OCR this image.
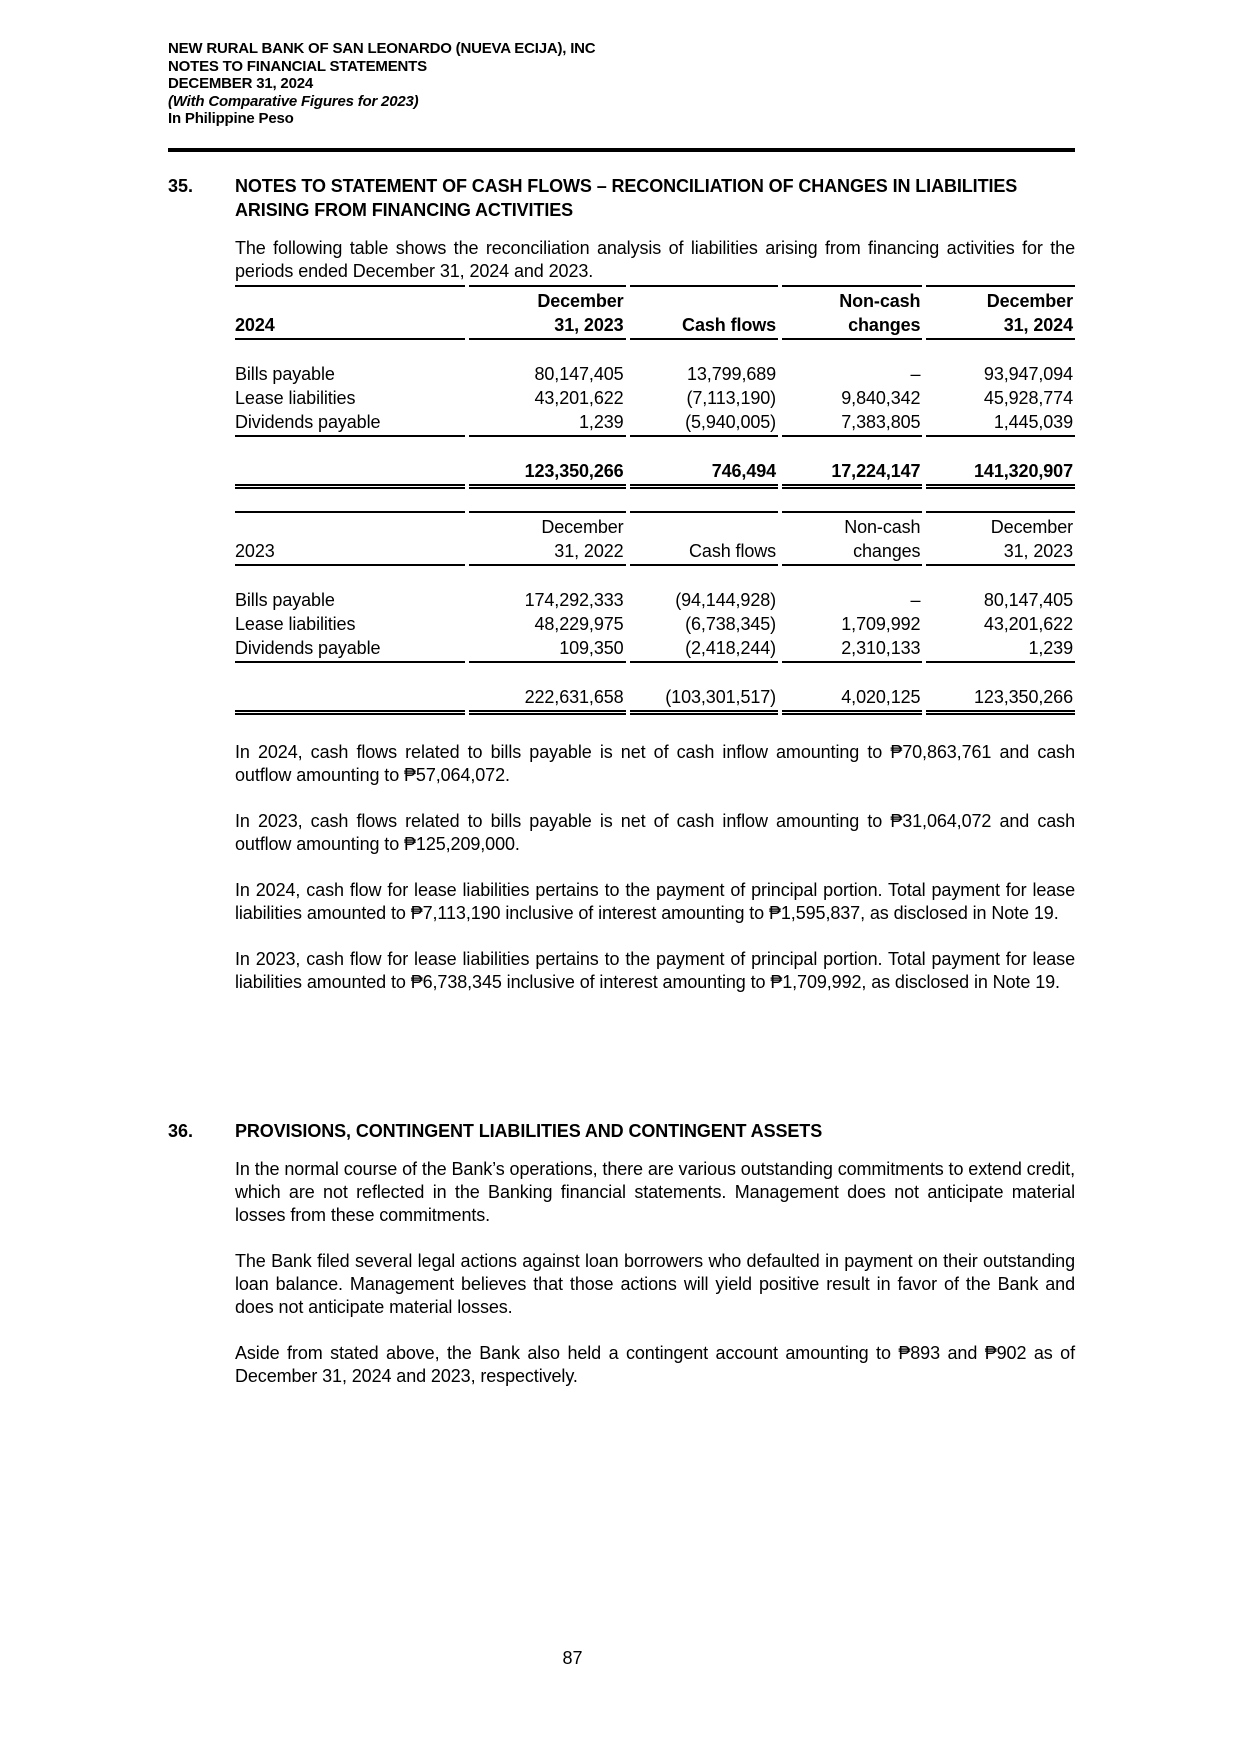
NEW RURAL BANK OF SAN LEONARDO (NUEVA ECIJA), INC
NOTES TO FINANCIAL STATEMENTS
DECEMBER 31, 2024
(With Comparative Figures for 2023)
In Philippine Peso
35.	NOTES TO STATEMENT OF CASH FLOWS – RECONCILIATION OF CHANGES IN LIABILITIES ARISING FROM FINANCING ACTIVITIES

The following table shows the reconciliation analysis of liabilities arising from financing activities for the periods ended December 31, 2024 and 2023.

	December		Non-cash	December
2024	31, 2023	Cash flows	changes	31, 2024

Bills payable	80,147,405	13,799,689	–	93,947,094
Lease liabilities	43,201,622	(7,113,190)	9,840,342	45,928,774
Dividends payable	1,239	(5,940,005)	7,383,805	1,445,039

	123,350,266	746,494	17,224,147	141,320,907
	December		Non-cash	December
2023	31, 2022	Cash flows	changes	31, 2023

Bills payable	174,292,333	(94,144,928)	–	80,147,405
Lease liabilities	48,229,975	(6,738,345)	1,709,992	43,201,622
Dividends payable	109,350	(2,418,244)	2,310,133	1,239

	222,631,658	(103,301,517)	4,020,125	123,350,266

In 2024, cash flows related to bills payable is net of cash inflow amounting to ₱70,863,761 and cash outflow amounting to ₱57,064,072.

In 2023, cash flows related to bills payable is net of cash inflow amounting to ₱31,064,072 and cash outflow amounting to ₱125,209,000.

In 2024, cash flow for lease liabilities pertains to the payment of principal portion. Total payment for lease liabilities amounted to ₱7,113,190 inclusive of interest amounting to ₱1,595,837, as disclosed in Note 19.

In 2023, cash flow for lease liabilities pertains to the payment of principal portion. Total payment for lease liabilities amounted to ₱6,738,345 inclusive of interest amounting to ₱1,709,992, as disclosed in Note 19.

36.	PROVISIONS, CONTINGENT LIABILITIES AND CONTINGENT ASSETS

In the normal course of the Bank’s operations, there are various outstanding commitments to extend credit, which are not reflected in the Banking financial statements. Management does not anticipate material losses from these commitments.

The Bank filed several legal actions against loan borrowers who defaulted in payment on their outstanding loan balance. Management believes that those actions will yield positive result in favor of the Bank and does not anticipate material losses.

Aside from stated above, the Bank also held a contingent account amounting to ₱893 and ₱902 as of December 31, 2024 and 2023, respectively.

87
